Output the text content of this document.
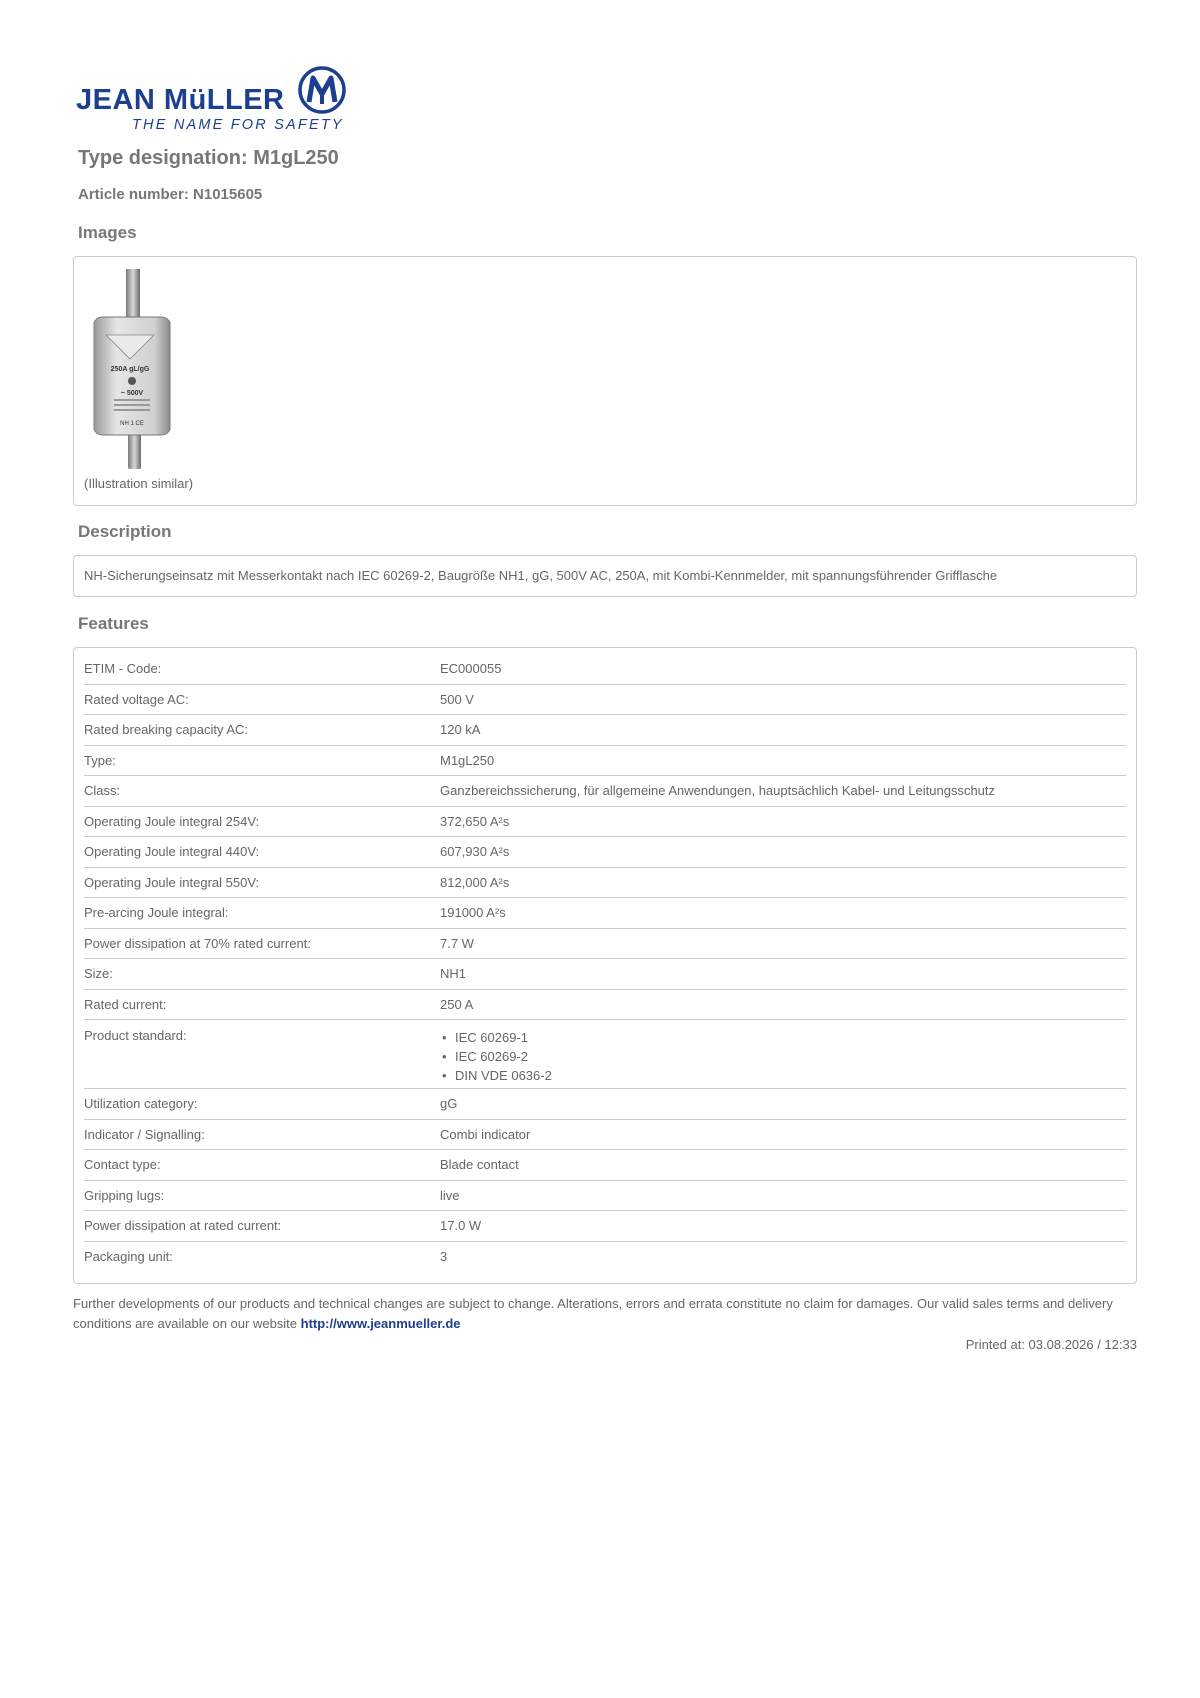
JEAN MüLLER
THE NAME FOR SAFETY
Type designation: M1gL250
Article number: N1015605
Images
250A gL/gG
~ 500V
NH 1 CE
(Illustration similar)
Description
NH-Sicherungseinsatz mit Messerkontakt nach IEC 60269-2, Baugröße NH1, gG, 500V AC, 250A, mit Kombi-Kennmelder, mit spannungsführender Grifflasche
Features
ETIM - Code:	EC000055
Rated voltage AC:	500 V
Rated breaking capacity AC:	120 kA
Type:	M1gL250
Class:	Ganzbereichssicherung, für allgemeine Anwendungen, hauptsächlich Kabel- und Leitungsschutz
Operating Joule integral 254V:	372,650 A²s
Operating Joule integral 440V:	607,930 A²s
Operating Joule integral 550V:	812,000 A²s
Pre-arcing Joule integral:	191000 A²s
Power dissipation at 70% rated current:	7.7 W
Size:	NH1
Rated current:	250 A
Product standard:
•	IEC 60269-1
• IEC 60269-2
• DIN VDE 0636-2
Utilization category:	gG
Indicator / Signalling:	Combi indicator
Contact type:	Blade contact
Gripping lugs:	live
Power dissipation at rated current:	17.0 W
Packaging unit:	3
Further developments of our products and technical changes are subject to change. Alterations, errors and errata constitute no claim for damages. Our valid sales terms and delivery conditions are available on our website http://www.jeanmueller.de
Printed at: 03.08.2026 / 12:33
